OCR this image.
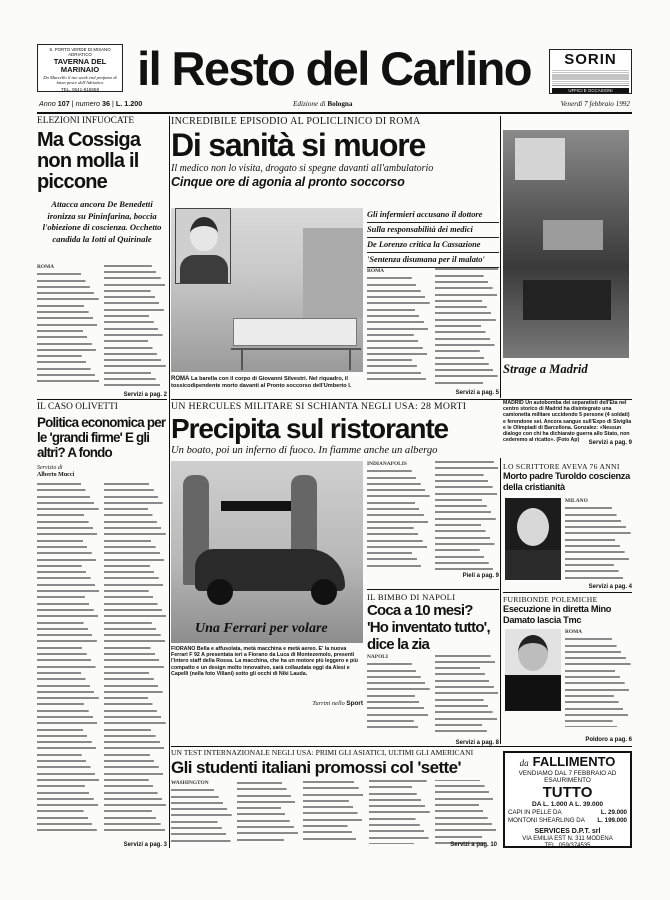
S. PORTO VERDE DI MISANO ADRIATICO
TAVERNA DEL MARINAIO
Da Marcello il tuo week end profumo di buon pesce dell'Adriatico
TEL. 0541-615658 il Resto del Carlino	SORIN
UFFICI E OCCASIONI
Anno 107 | numero 36 | L. 1.200	Edizione di Bologna	Venerdì 7 febbraio 1992
ELEZIONI INFUOCATE
Ma Cossiga non molla il piccone
Attacca ancora De Benedetti
ironizza su Pininfarina, boccia
l'obiezione di coscienza. Occhetto
candida la Iotti al Quirinale
ROMA
Servizi a pag. 2
IL CASO OLIVETTI
Politica economica per le 'grandi firme' E gli altri? A fondo
Servizio di
Alberto Mucci
Servizi a pag. 3
INCREDIBILE EPISODIO AL POLICLINICO DI ROMA
Di sanità si muore
Il medico non lo visita, drogato si spegne davanti all'ambulatorio
Cinque ore di agonia al pronto soccorso
ROMA La barella con il corpo di Giovanni Silvestri. Nel riquadro, il tossicodipendente morto davanti al Pronto soccorso dell'Umberto I.
Gli infermieri accusano il dottore
Sulla responsabilità dei medici
De Lorenzo critica la Cassazione
'Sentenza disumana per il malato'
ROMA
Servizi a pag. 5
Strage a Madrid
MADRID Un autobomba dei separatisti dell'Eta nel centro storico di Madrid ha disintegrato una camionetta militare uccidendo 5 persone (4 soldati) e ferendone sei. Ancora sangue sull'Expo di Siviglia e le Olimpiadi di Barcellona. Gonzalez: «Nessun dialogo con chi ha dichiarato guerra allo Stato, non cederemo al ricatto». (Foto Ap)	Servizi a pag. 9
UN HERCULES MILITARE SI SCHIANTA NEGLI USA: 28 MORTI
Precipita sul ristorante
Un boato, poi un inferno di fuoco. In fiamme anche un albergo
INDIANAPOLIS
Pieli a pag. 9
Una Ferrari per volare
FIORANO Bella e affusolata, metà macchina e metà aereo. E' la nuova Ferrari F 92 A presentata ieri a Fiorano da Luca di Montezemolo, presenti l'intero staff della Rossa. La macchina, che ha un motore più leggero e più compatto e un design molto innovativo, sarà collaudata oggi da Alesi e Capelli (nella foto Villani) sotto gli occhi di Niki Lauda.
Turrini nello Sport
IL BIMBO DI NAPOLI
Coca a 10 mesi?
'Ho inventato tutto', dice la zia
NAPOLI
Servizi a pag. 8
LO SCRITTORE AVEVA 76 ANNI
Morto padre Turoldo coscienza della cristianità
MILANO
Servizi a pag. 4
FURIBONDE POLEMICHE
Esecuzione in diretta Mino Damato lascia Tmc
ROMA
Poldoro a pag. 6
UN TEST INTERNAZIONALE NEGLI USA: PRIMI GLI ASIATICI, ULTIMI GLI AMERICANI
Gli studenti italiani promossi col 'sette'
WASHINGTON
Servizi a pag. 10
da FALLIMENTO
VENDIAMO DAL 7 FEBBRAIO AD ESAURIMENTO
TUTTO
DA L. 1.000 A L. 39.000
CAPI IN PELLE DA	L. 29.000
MONTONI SHEARLING DA L. 199.000
SERVICES D.P.T. srl
VIA EMILIA EST N. 311 MODENA
TEL. 059/374535
